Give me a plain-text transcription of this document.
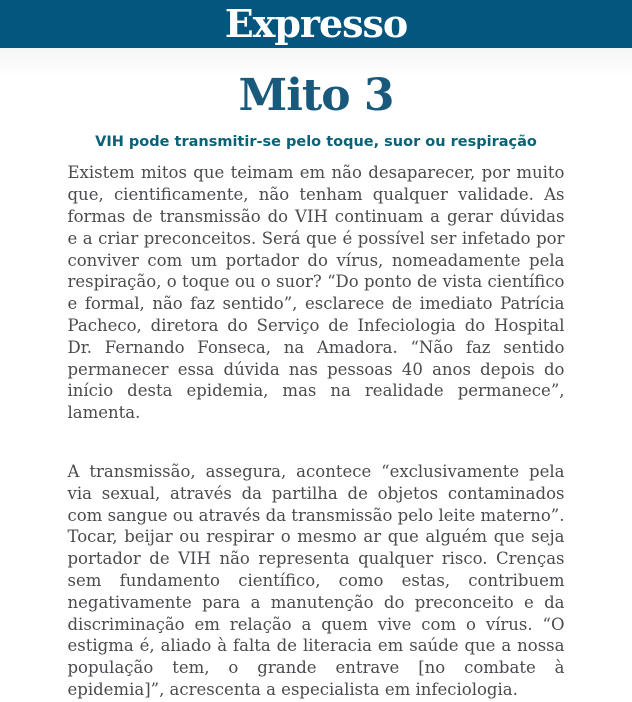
Expresso
Mito 3
VIH pode transmitir-se pelo toque, suor ou respiração

Existem mitos que teimam em não desaparecer, por muito que, cientificamente, não tenham qualquer validade. As formas de transmissão do VIH continuam a gerar dúvidas e a criar preconceitos. Será que é possível ser infetado por conviver com um portador do vírus, nomeadamente pela respiração, o toque ou o suor? “Do ponto de vista científico e formal, não faz sentido”, esclarece de imediato Patrícia Pacheco, diretora do Serviço de Infeciologia do Hospital Dr. Fernando Fonseca, na Amadora. “Não faz sentido permanecer essa dúvida nas pessoas 40 anos depois do início desta epidemia, mas na realidade permanece”, lamenta.

A transmissão, assegura, acontece “exclusivamente pela via sexual, através da partilha de objetos contaminados com sangue ou através da transmissão pelo leite materno”. Tocar, beijar ou respirar o mesmo ar que alguém que seja portador de VIH não representa qualquer risco. Crenças sem fundamento científico, como estas, contribuem negativamente para a manutenção do preconceito e da discriminação em relação a quem vive com o vírus. “O estigma é, aliado à falta de literacia em saúde que a nossa população tem, o grande entrave [no combate à epidemia]”, acrescenta a especialista em infeciologia.
